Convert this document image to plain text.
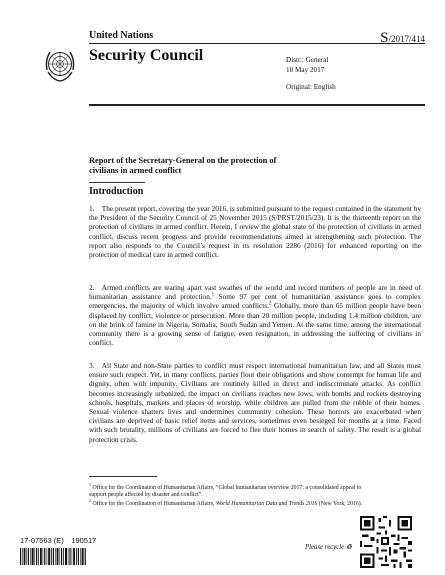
United Nations	S/2017/414
Security Council	Distr.: General
10 May 2017
Original: English
Report of the Secretary-General on the protection of
civilians in armed conflict
Introduction

1. The present report, covering the year 2016, is submitted pursuant to the request contained in the statement by the President of the Security Council of 25 November 2015 (S/PRST/2015/23). It is the thirteenth report on the protection of civilians in armed conflict. Herein, I review the global state of the protection of civilians in armed conflict, discuss recent progress and provide recommendations aimed at strengthening such protection. The report also responds to the Council’s request in its resolution 2286 (2016) for enhanced reporting on the protection of medical care in armed conflict.

2. Armed conflicts are tearing apart vast swathes of the world and record numbers of people are in need of humanitarian assistance and protection.$^1$ Some 97 per cent of humanitarian assistance goes to complex emergencies, the majority of which involve armed conflicts.$^2$ Globally, more than 65 million people have been displaced by conflict, violence or persecution. More than 20 million people, including 1.4 million children, are on the brink of famine in Nigeria, Somalia, South Sudan and Yemen. At the same time, among the international community there is a growing sense of fatigue, even resignation, in addressing the suffering of civilians in conflict.

3. All State and non-State parties to conflict must respect international humanitarian law, and all States must ensure such respect. Yet, in many conflicts, parties flout their obligations and show contempt for human life and dignity, often with impunity. Civilians are routinely killed in direct and indiscriminate attacks. As conflict becomes increasingly urbanized, the impact on civilians reaches new lows, with bombs and rockets destroying schools, hospitals, markets and places of worship, while children are pulled from the rubble of their homes. Sexual violence shatters lives and undermines community cohesion. These horrors are exacerbated when civilians are deprived of basic relief items and services, sometimes even besieged for months at a time. Faced with such brutality, millions of civilians are forced to flee their homes in search of safety. The result is a global protection crisis.

$^1$ Office for the Coordination of Humanitarian Affairs, “Global humanitarian overview 2017: a consolidated appeal to support people affected by disaster and conflict”.
$^2$ Office for the Coordination of Humanitarian Affairs, World Humanitarian Data and Trends 2016 (New York, 2016).
17-07563 (E) 190517
Please recycle ♻
